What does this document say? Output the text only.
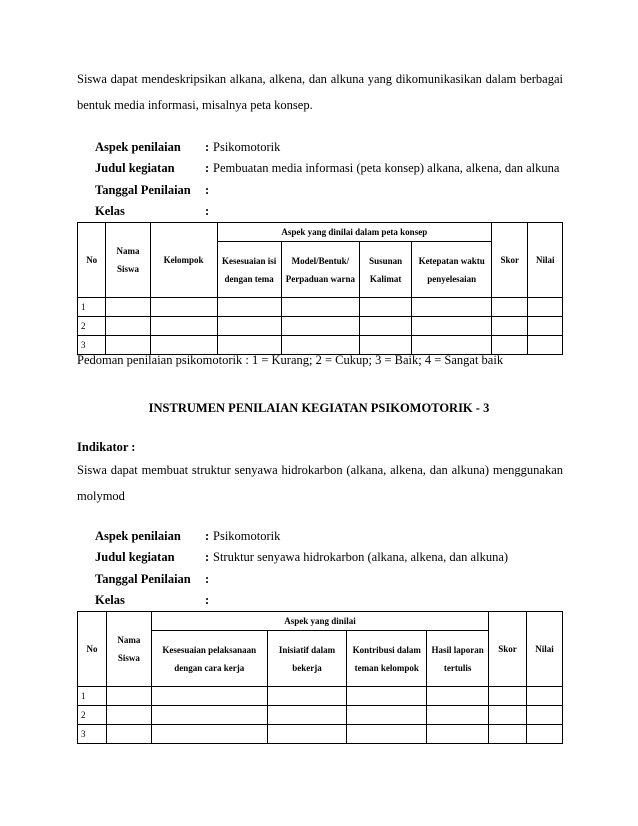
Siswa dapat mendeskripsikan alkana, alkena, dan alkuna yang dikomunikasikan dalam berbagai
bentuk media informasi, misalnya peta konsep.
Aspek penilaian : Psikomotorik
Judul kegiatan : Pembuatan media informasi (peta konsep) alkana, alkena, dan alkuna
Tanggal Penilaian :
Kelas	:
No	Nama Siswa	Kelompok	Aspek yang dinilai dalam peta konsep				Skor	Nilai
			Kesesuaian isi dengan tema	Model/Bentuk/ Perpaduan warna	Susunan Kalimat	Ketepatan waktu penyelesaian		
1								
2								
3								
Pedoman penilaian psikomotorik : 1 = Kurang; 2 = Cukup; 3 = Baik; 4 = Sangat baik
INSTRUMEN PENILAIAN KEGIATAN PSIKOMOTORIK - 3
Indikator :
Siswa dapat membuat struktur senyawa hidrokarbon (alkana, alkena, dan alkuna) menggunakan
molymod
Aspek penilaian : Psikomotorik
Judul kegiatan : Struktur senyawa hidrokarbon (alkana, alkena, dan alkuna)
Tanggal Penilaian :
Kelas	:
No	Nama Siswa	Aspek yang dinilai				Skor	Nilai
		Kesesuaian pelaksanaan dengan cara kerja	Inisiatif dalam bekerja	Kontribusi dalam teman kelompok	Hasil laporan tertulis		
1							
2							
3							
